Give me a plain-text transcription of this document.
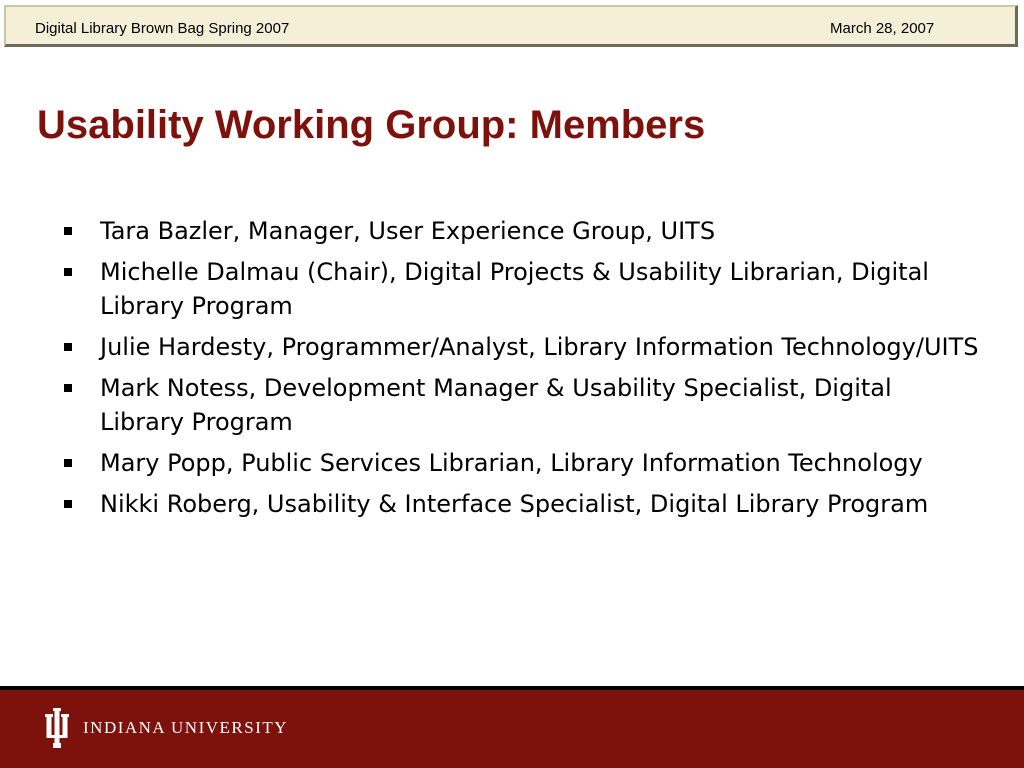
Digital Library Brown Bag Spring 2007	March 28, 2007
Usability Working Group: Members
Tara Bazler, Manager, User Experience Group, UITS
Michelle Dalmau (Chair), Digital Projects & Usability Librarian, Digital Library Program
Julie Hardesty, Programmer/Analyst, Library Information Technology/UITS
Mark Notess, Development Manager & Usability Specialist, Digital Library Program
Mary Popp, Public Services Librarian, Library Information Technology
Nikki Roberg, Usability & Interface Specialist, Digital Library Program
INDIANA UNIVERSITY
